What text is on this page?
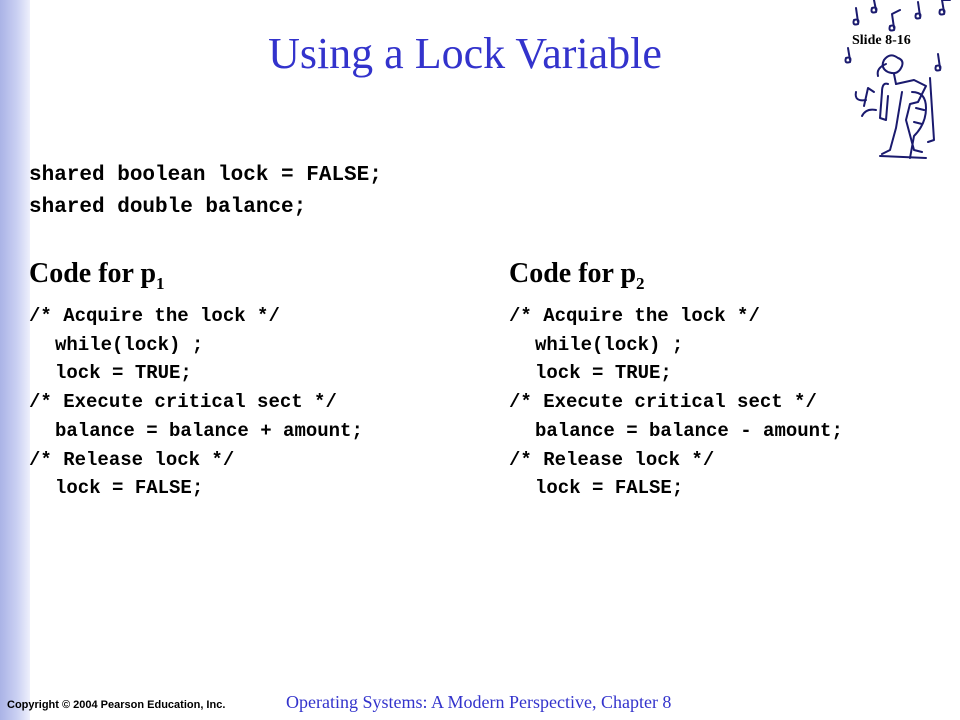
Using a Lock Variable	Slide 8-16
shared boolean lock = FALSE;
shared double balance;
Code for $p_1$
/* Acquire the lock */
while(lock) ;
lock = TRUE;
/* Execute critical sect */
balance = balance + amount;
/* Release lock */
lock = FALSE;
Code for $p_2$
/* Acquire the lock */
while(lock) ;
lock = TRUE;
/* Execute critical sect */
balance = balance - amount;
/* Release lock */
lock = FALSE;
Copyright © 2004 Pearson Education, Inc.	Operating Systems: A Modern Perspective, Chapter 8
